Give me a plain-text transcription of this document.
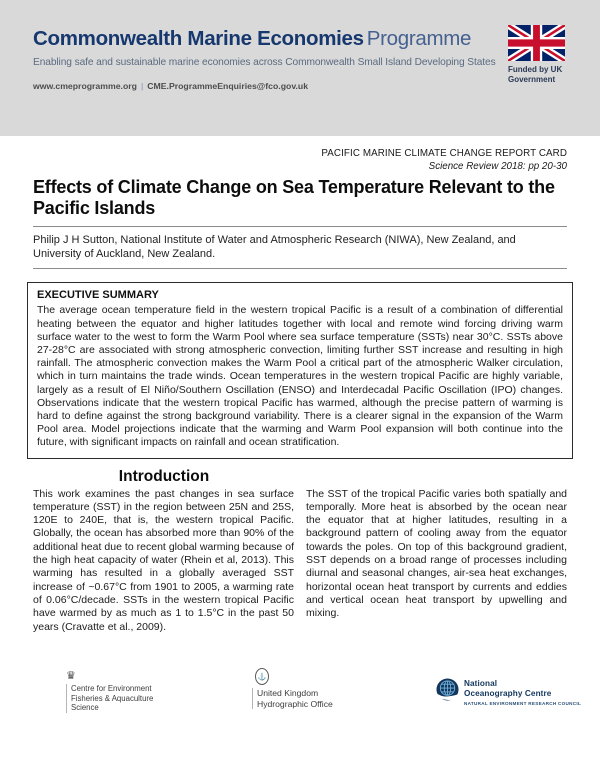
Commonwealth Marine Economies Programme
Enabling safe and sustainable marine economies across Commonwealth Small Island Developing States
www.cmeprogramme.org | CME.ProgrammeEnquiries@fco.gov.uk
Funded by UK Government
PACIFIC MARINE CLIMATE CHANGE REPORT CARD
Science Review 2018: pp 20-30
Effects of Climate Change on Sea Temperature Relevant to the Pacific Islands
Philip J H Sutton, National Institute of Water and Atmospheric Research (NIWA), New Zealand, and University of Auckland, New Zealand.
EXECUTIVE SUMMARY
The average ocean temperature field in the western tropical Pacific is a result of a combination of differential heating between the equator and higher latitudes together with local and remote wind forcing driving warm surface water to the west to form the Warm Pool where sea surface temperature (SSTs) near 30°C. SSTs above 27-28°C are associated with strong atmospheric convection, limiting further SST increase and resulting in high rainfall. The atmospheric convection makes the Warm Pool a critical part of the atmospheric Walker circulation, which in turn maintains the trade winds. Ocean temperatures in the western tropical Pacific are highly variable, largely as a result of El Niño/Southern Oscillation (ENSO) and Interdecadal Pacific Oscillation (IPO) changes. Observations indicate that the western tropical Pacific has warmed, although the precise pattern of warming is hard to define against the strong background variability. There is a clearer signal in the expansion of the Warm Pool area. Model projections indicate that the warming and Warm Pool expansion will both continue into the future, with significant impacts on rainfall and ocean stratification.
Introduction
This work examines the past changes in sea surface temperature (SST) in the region between 25N and 25S, 120E to 240E, that is, the western tropical Pacific. Globally, the ocean has absorbed more than 90% of the additional heat due to recent global warming because of the high heat capacity of water (Rhein et al, 2013). This warming has resulted in a globally averaged SST increase of ~0.67°C from 1901 to 2005, a warming rate of 0.06°C/decade. SSTs in the western tropical Pacific have warmed by as much as 1 to 1.5°C in the past 50 years (Cravatte et al., 2009).
The SST of the tropical Pacific varies both spatially and temporally. More heat is absorbed by the ocean near the equator that at higher latitudes, resulting in a background pattern of cooling away from the equator towards the poles. On top of this background gradient, SST depends on a broad range of processes including diurnal and seasonal changes, air-sea heat exchanges, horizontal ocean heat transport by currents and eddies and vertical ocean heat transport by upwelling and mixing.
♛
Centre for Environment
Fisheries & Aquaculture
Science
⚓
United Kingdom
Hydrographic Office
National
Oceanography Centre
NATURAL ENVIRONMENT RESEARCH COUNCIL
